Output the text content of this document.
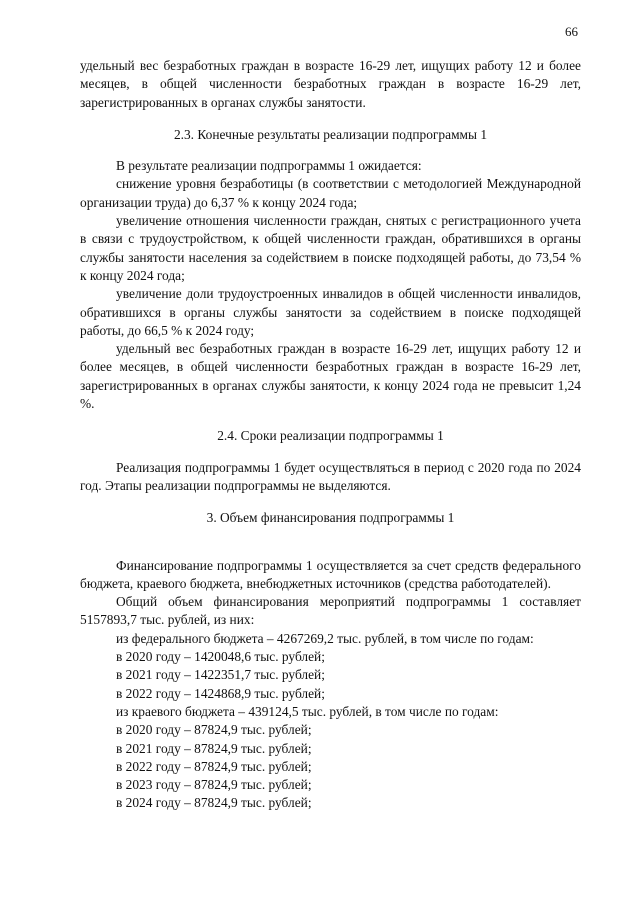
66

удельный вес безработных граждан в возрасте 16-29 лет, ищущих работу 12 и более месяцев, в общей численности безработных граждан в возрасте 16-29 лет, зарегистрированных в органах службы занятости.

2.3. Конечные результаты реализации подпрограммы 1

В результате реализации подпрограммы 1 ожидается:

снижение уровня безработицы (в соответствии с методологией Международной организации труда) до 6,37 % к концу 2024 года;

увеличение отношения численности граждан, снятых с регистрационного учета в связи с трудоустройством, к общей численности граждан, обратившихся в органы службы занятости населения за содействием в поиске подходящей работы, до 73,54 % к концу 2024 года;

увеличение доли трудоустроенных инвалидов в общей численности инвалидов, обратившихся в органы службы занятости за содействием в поиске подходящей работы, до 66,5 % к 2024 году;

удельный вес безработных граждан в возрасте 16-29 лет, ищущих работу 12 и более месяцев, в общей численности безработных граждан в возрасте 16-29 лет, зарегистрированных в органах службы занятости, к концу 2024 года не превысит 1,24 %.

2.4. Сроки реализации подпрограммы 1

Реализация подпрограммы 1 будет осуществляться в период с 2020 года по 2024 год. Этапы реализации подпрограммы не выделяются.

3. Объем финансирования подпрограммы 1

Финансирование подпрограммы 1 осуществляется за счет средств федерального бюджета, краевого бюджета, внебюджетных источников (средства работодателей).

Общий объем финансирования мероприятий подпрограммы 1 составляет 5157893,7 тыс. рублей, из них:

из федерального бюджета – 4267269,2 тыс. рублей, в том числе по годам:

в 2020 году – 1420048,6 тыс. рублей;

в 2021 году – 1422351,7 тыс. рублей;

в 2022 году – 1424868,9 тыс. рублей;

из краевого бюджета – 439124,5 тыс. рублей, в том числе по годам:

в 2020 году – 87824,9 тыс. рублей;

в 2021 году – 87824,9 тыс. рублей;

в 2022 году – 87824,9 тыс. рублей;

в 2023 году – 87824,9 тыс. рублей;

в 2024 году – 87824,9 тыс. рублей;
